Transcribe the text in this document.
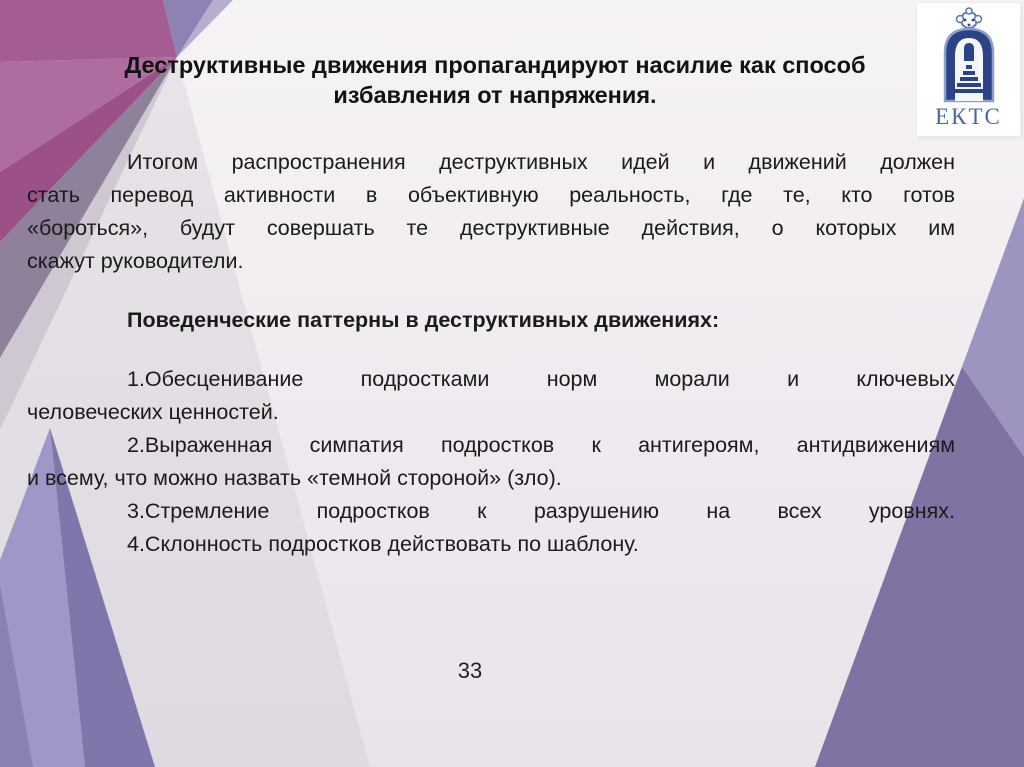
Деструктивные движения пропагандируют насилие как способ избавления от напряжения.
Итогом распространения деструктивных идей и движений должен
стать перевод активности в объективную реальность, где те, кто готов
«бороться», будут совершать те деструктивные действия, о которых им
скажут руководители.
Поведенческие паттерны в деструктивных движениях:
1.Обесценивание подростками норм морали и ключевых
человеческих ценностей.
2.Выраженная симпатия подростков к антигероям, антидвижениям
и всему, что можно назвать «темной стороной» (зло).
3.Стремление подростков к разрушению на всех уровнях.
4.Склонность подростков действовать по шаблону.
33
ЕКТС
